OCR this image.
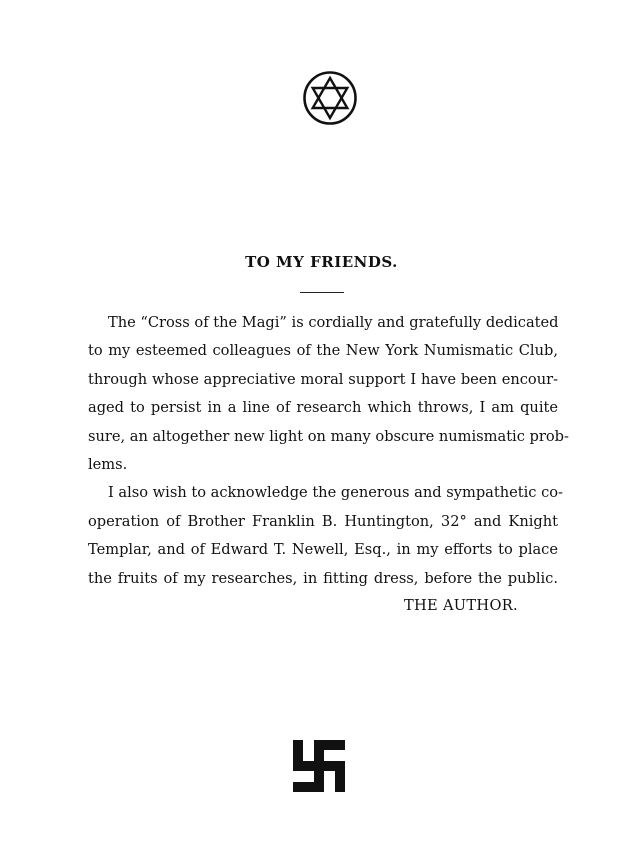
TO MY FRIENDS.
The “Cross of the Magi” is cordially and gratefully dedicated
to my esteemed colleagues of the New York Numismatic Club,
through whose appreciative moral support I have been encour-
aged to persist in a line of research which throws, I am quite
sure, an altogether new light on many obscure numismatic prob-
lems.
I also wish to acknowledge the generous and sympathetic co-
operation of Brother Franklin B. Huntington, 32° and Knight
Templar, and of Edward T. Newell, Esq., in my efforts to place
the fruits of my researches, in fitting dress, before the public.
THE AUTHOR.
